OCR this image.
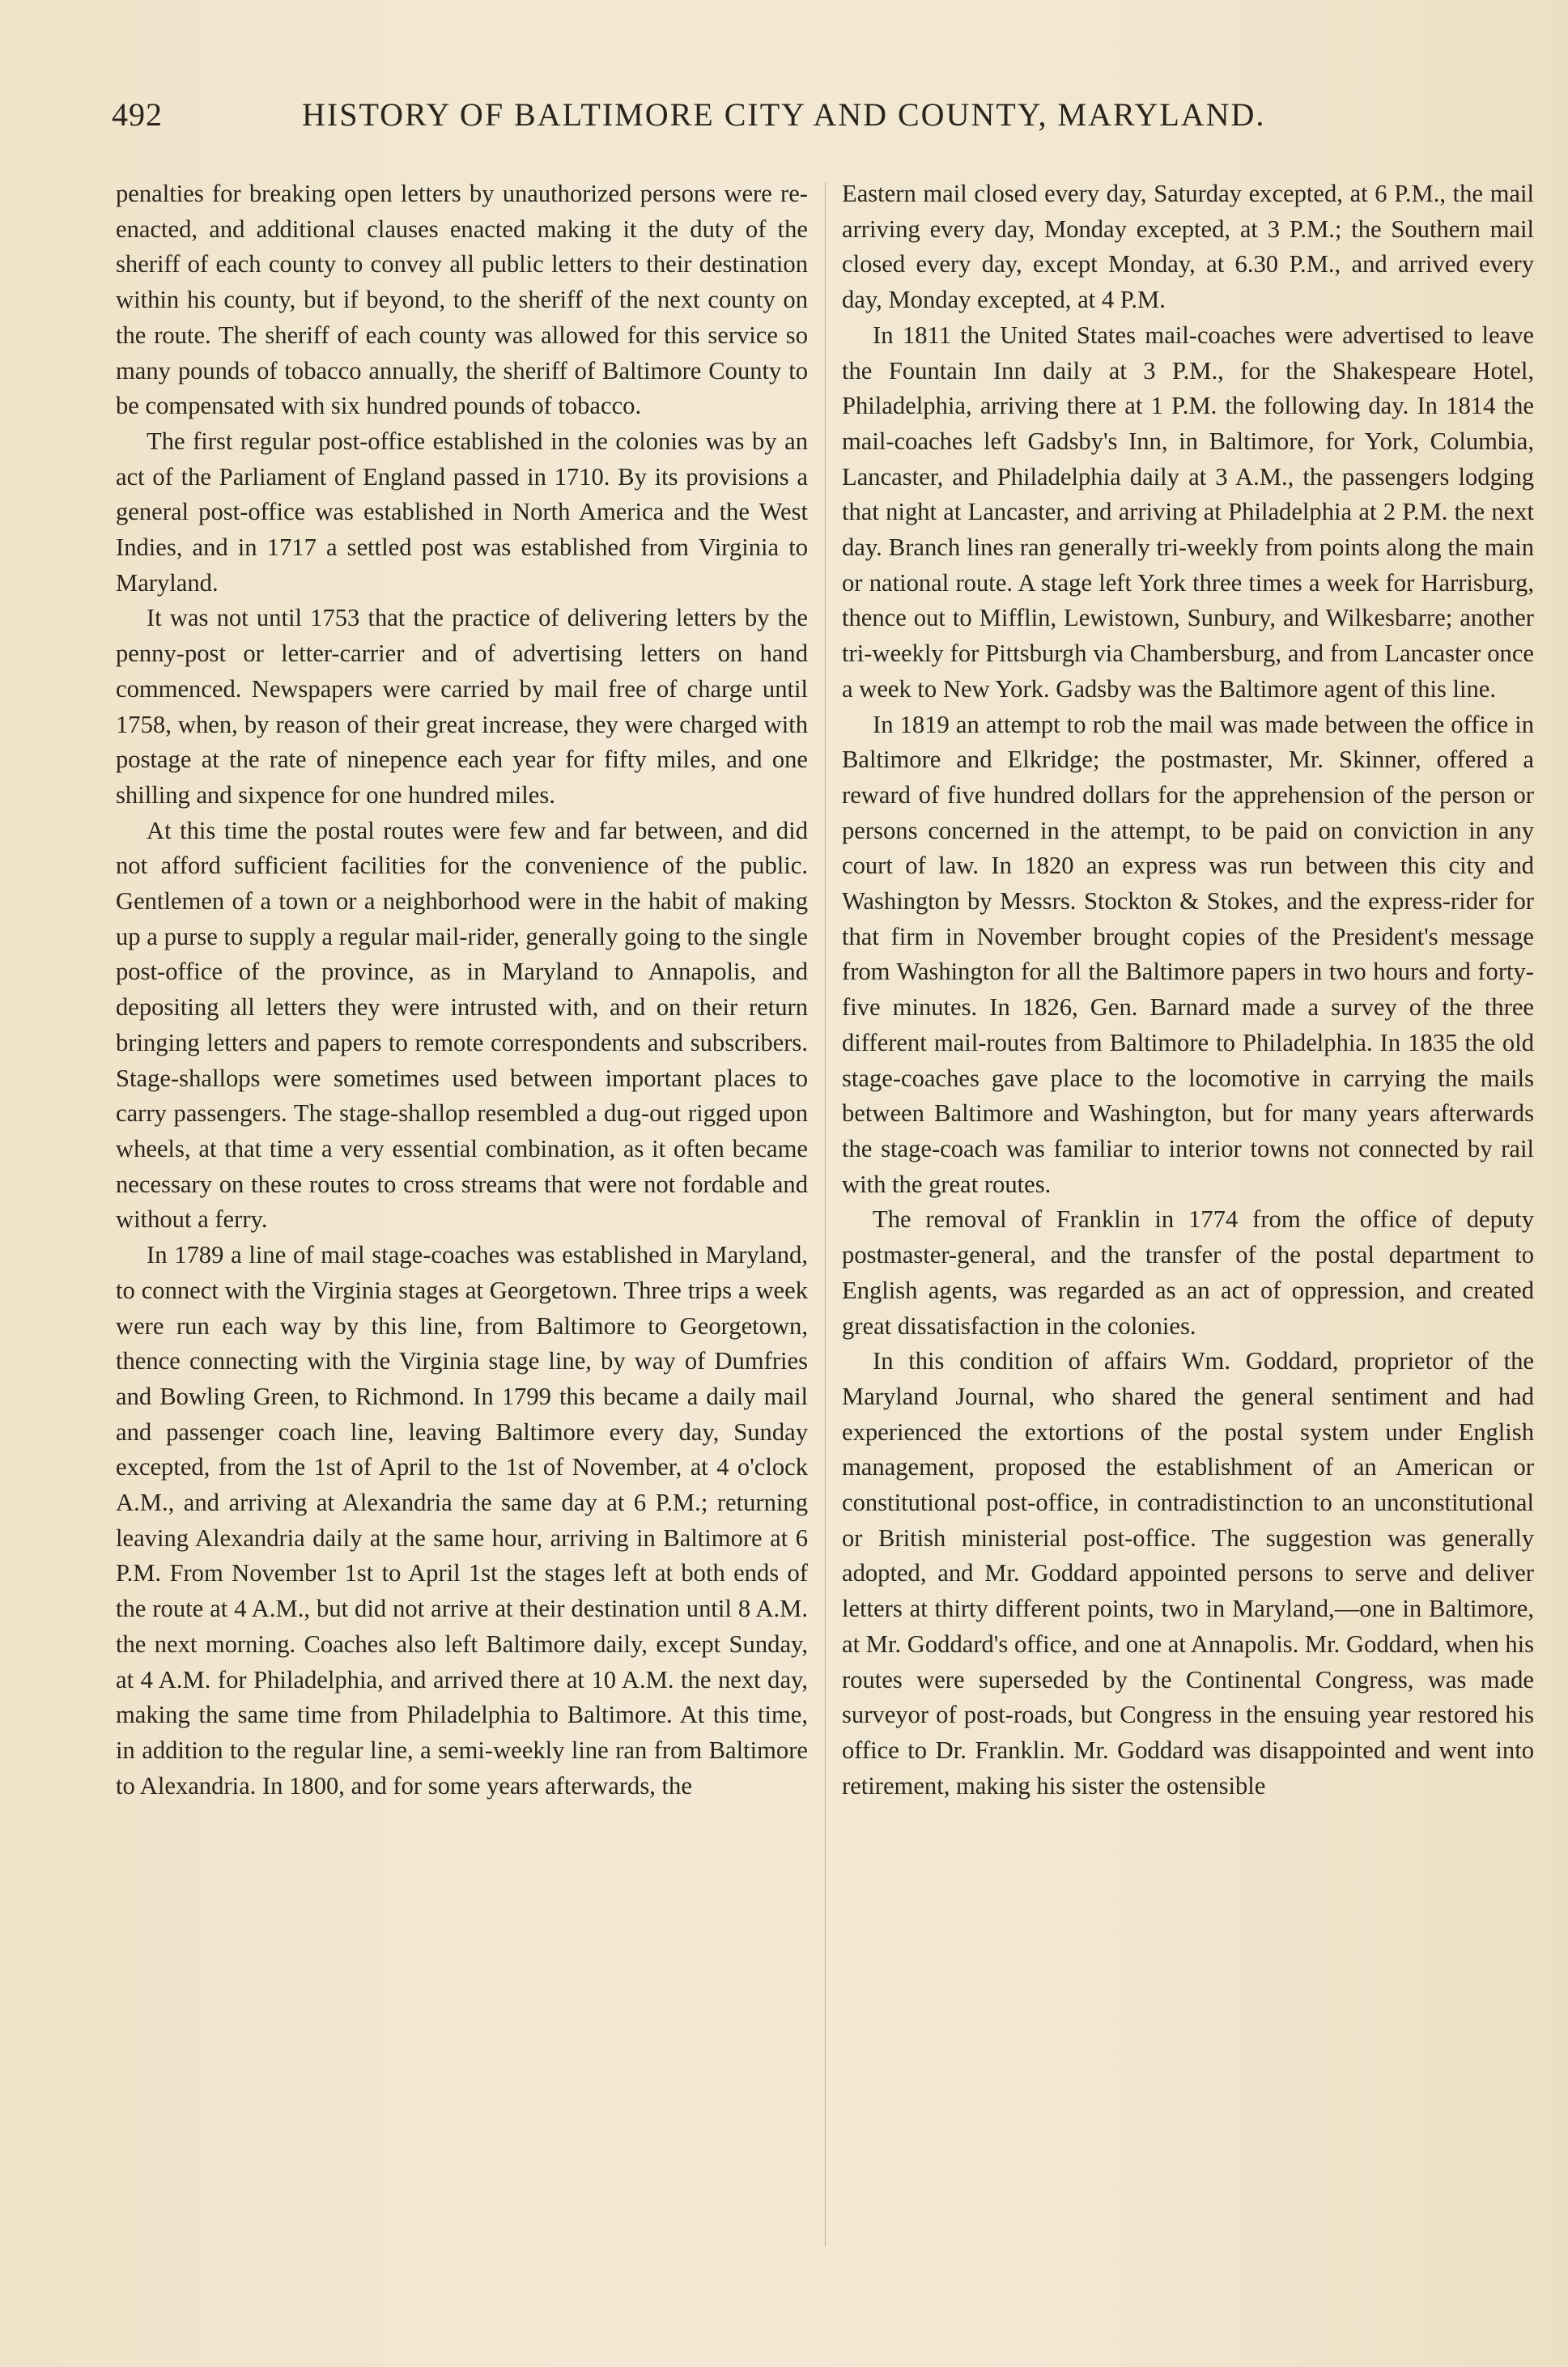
492	HISTORY OF BALTIMORE CITY AND COUNTY, MARYLAND.

penalties for breaking open letters by unauthorized persons were re-enacted, and additional clauses enacted making it the duty of the sheriff of each county to convey all public letters to their destination within his county, but if beyond, to the sheriff of the next county on the route. The sheriff of each county was allowed for this service so many pounds of tobacco annually, the sheriff of Baltimore County to be compensated with six hundred pounds of tobacco.

The first regular post-office established in the colonies was by an act of the Parliament of England passed in 1710. By its provisions a general post-office was established in North America and the West Indies, and in 1717 a settled post was established from Virginia to Maryland.

It was not until 1753 that the practice of delivering letters by the penny-post or letter-carrier and of advertising letters on hand commenced. Newspapers were carried by mail free of charge until 1758, when, by reason of their great increase, they were charged with postage at the rate of ninepence each year for fifty miles, and one shilling and sixpence for one hundred miles.

At this time the postal routes were few and far between, and did not afford sufficient facilities for the convenience of the public. Gentlemen of a town or a neighborhood were in the habit of making up a purse to supply a regular mail-rider, generally going to the single post-office of the province, as in Maryland to Annapolis, and depositing all letters they were intrusted with, and on their return bringing letters and papers to remote correspondents and subscribers. Stage-shallops were sometimes used between important places to carry passengers. The stage-shallop resembled a dug-out rigged upon wheels, at that time a very essential combination, as it often became necessary on these routes to cross streams that were not fordable and without a ferry.

In 1789 a line of mail stage-coaches was established in Maryland, to connect with the Virginia stages at Georgetown. Three trips a week were run each way by this line, from Baltimore to Georgetown, thence connecting with the Virginia stage line, by way of Dumfries and Bowling Green, to Richmond. In 1799 this became a daily mail and passenger coach line, leaving Baltimore every day, Sunday excepted, from the 1st of April to the 1st of November, at 4 o'clock A.M., and arriving at Alexandria the same day at 6 P.M.; returning leaving Alexandria daily at the same hour, arriving in Baltimore at 6 P.M. From November 1st to April 1st the stages left at both ends of the route at 4 A.M., but did not arrive at their destination until 8 A.M. the next morning. Coaches also left Baltimore daily, except Sunday, at 4 A.M. for Philadelphia, and arrived there at 10 A.M. the next day, making the same time from Philadelphia to Baltimore. At this time, in addition to the regular line, a semi-weekly line ran from Baltimore to Alexandria. In 1800, and for some years afterwards, the

Eastern mail closed every day, Saturday excepted, at 6 P.M., the mail arriving every day, Monday excepted, at 3 P.M.; the Southern mail closed every day, except Monday, at 6.30 P.M., and arrived every day, Monday excepted, at 4 P.M.

In 1811 the United States mail-coaches were advertised to leave the Fountain Inn daily at 3 P.M., for the Shakespeare Hotel, Philadelphia, arriving there at 1 P.M. the following day. In 1814 the mail-coaches left Gadsby's Inn, in Baltimore, for York, Columbia, Lancaster, and Philadelphia daily at 3 A.M., the passengers lodging that night at Lancaster, and arriving at Philadelphia at 2 P.M. the next day. Branch lines ran generally tri-weekly from points along the main or national route. A stage left York three times a week for Harrisburg, thence out to Mifflin, Lewistown, Sunbury, and Wilkesbarre; another tri-weekly for Pittsburgh via Chambersburg, and from Lancaster once a week to New York. Gadsby was the Baltimore agent of this line.

In 1819 an attempt to rob the mail was made between the office in Baltimore and Elkridge; the postmaster, Mr. Skinner, offered a reward of five hundred dollars for the apprehension of the person or persons concerned in the attempt, to be paid on conviction in any court of law. In 1820 an express was run between this city and Washington by Messrs. Stockton & Stokes, and the express-rider for that firm in November brought copies of the President's message from Washington for all the Baltimore papers in two hours and forty-five minutes. In 1826, Gen. Barnard made a survey of the three different mail-routes from Baltimore to Philadelphia. In 1835 the old stage-coaches gave place to the locomotive in carrying the mails between Baltimore and Washington, but for many years afterwards the stage-coach was familiar to interior towns not connected by rail with the great routes.

The removal of Franklin in 1774 from the office of deputy postmaster-general, and the transfer of the postal department to English agents, was regarded as an act of oppression, and created great dissatisfaction in the colonies.

In this condition of affairs Wm. Goddard, proprietor of the Maryland Journal, who shared the general sentiment and had experienced the extortions of the postal system under English management, proposed the establishment of an American or constitutional post-office, in contradistinction to an unconstitutional or British ministerial post-office. The suggestion was generally adopted, and Mr. Goddard appointed persons to serve and deliver letters at thirty different points, two in Maryland,—one in Baltimore, at Mr. Goddard's office, and one at Annapolis. Mr. Goddard, when his routes were superseded by the Continental Congress, was made surveyor of post-roads, but Congress in the ensuing year restored his office to Dr. Franklin. Mr. Goddard was disappointed and went into retirement, making his sister the ostensible
